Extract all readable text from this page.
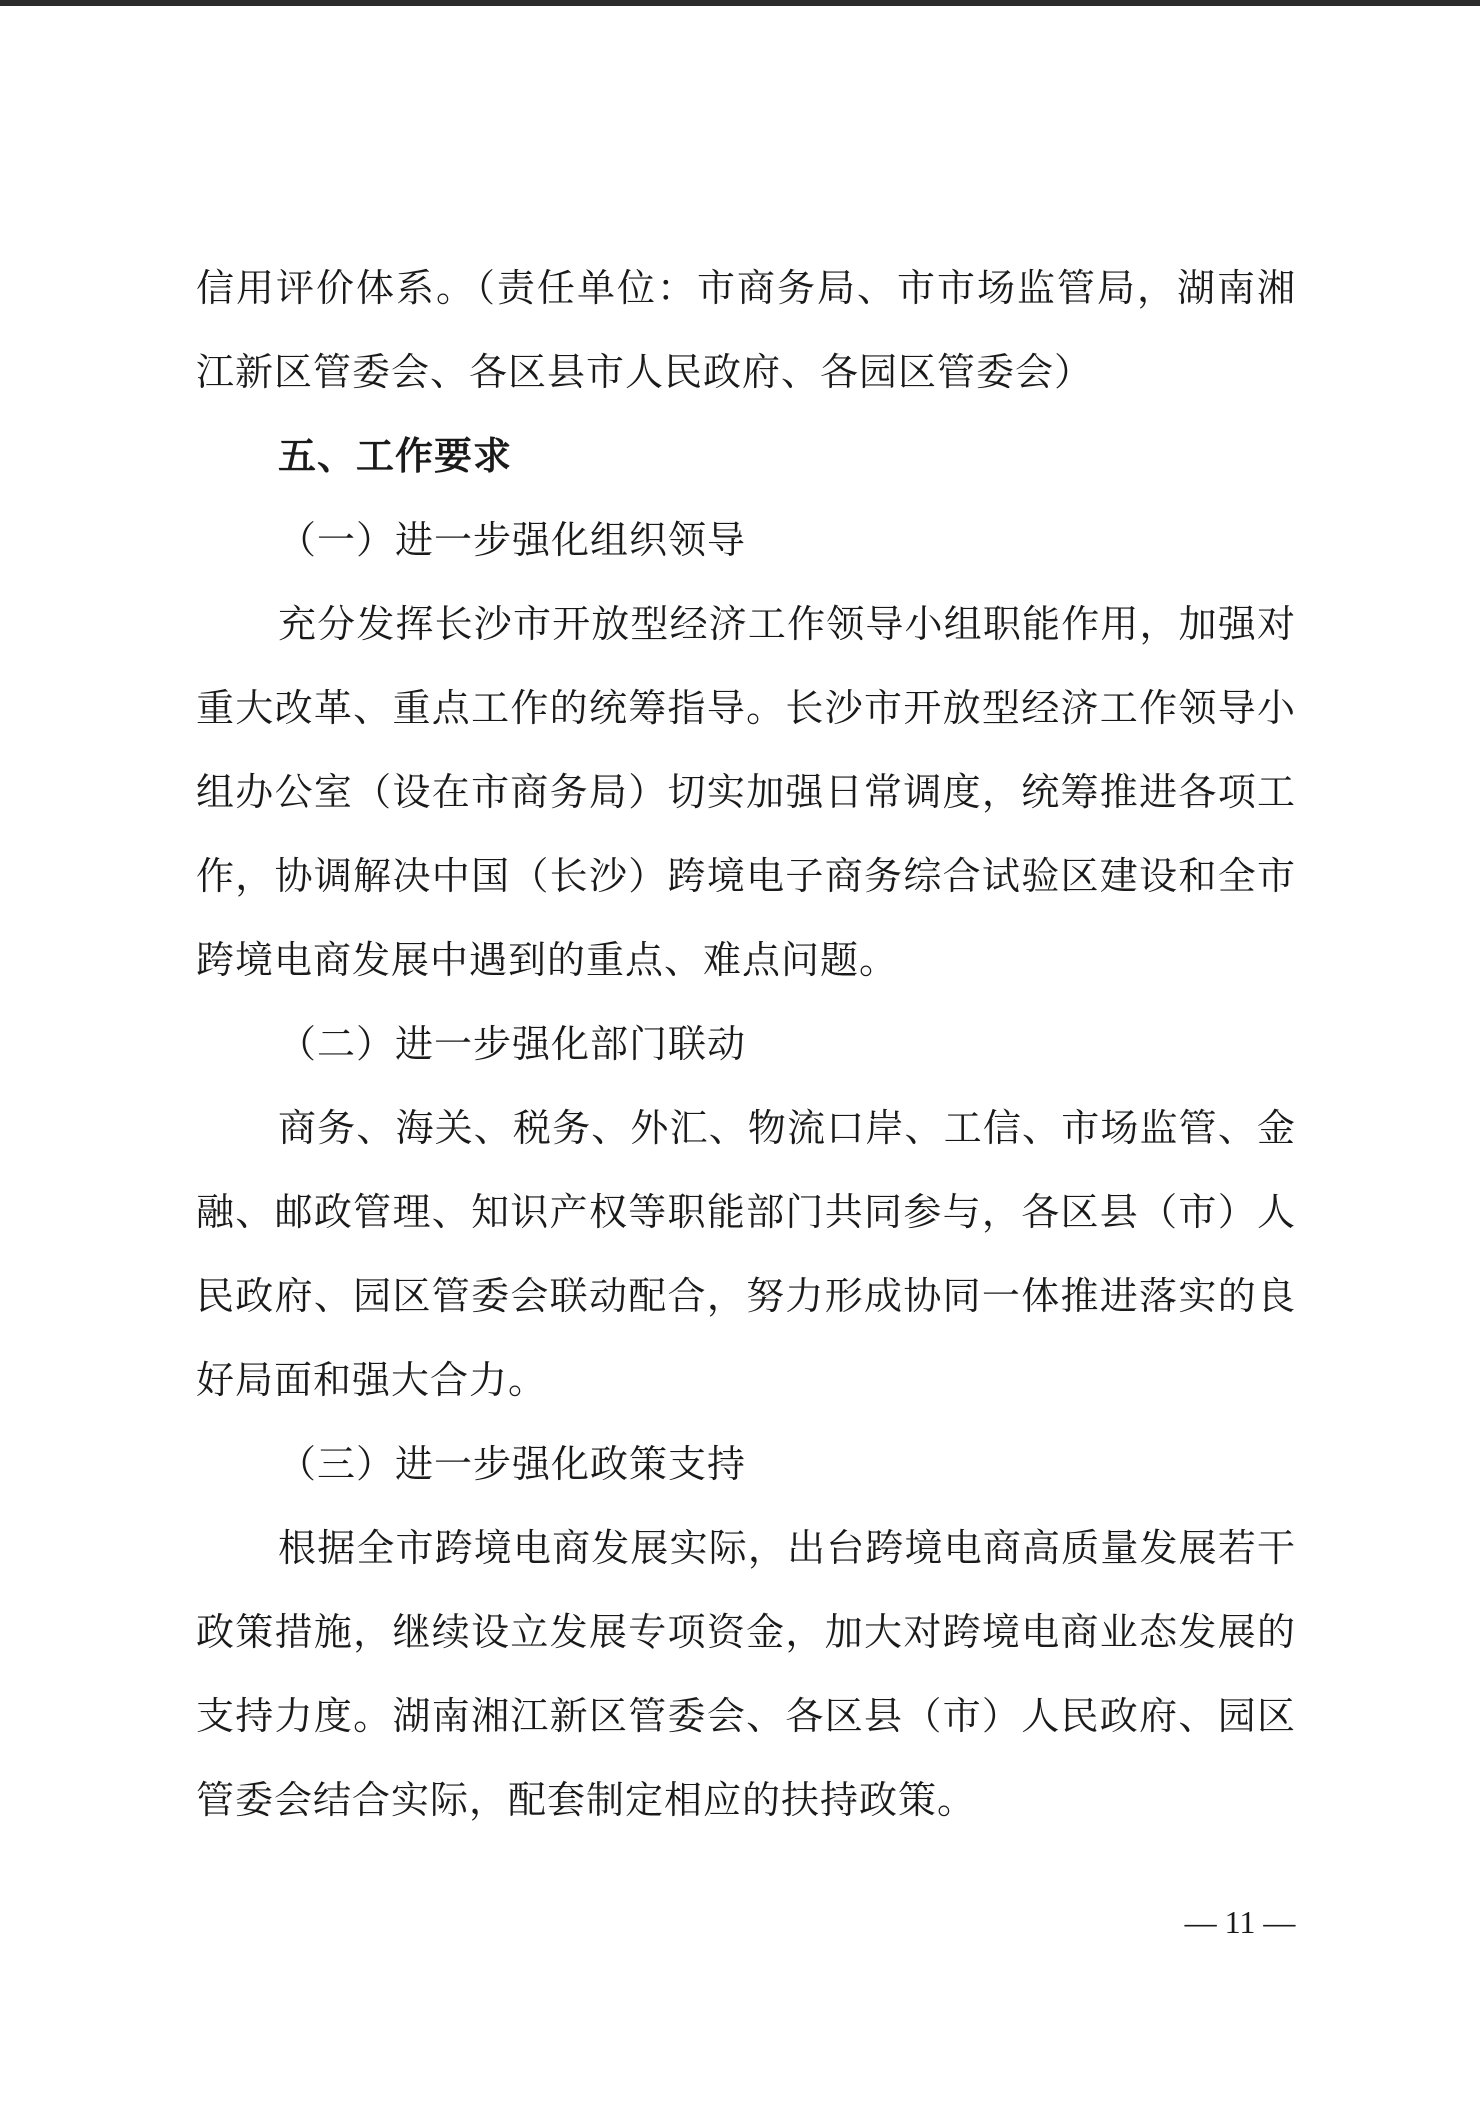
信用评价体系。（责任单位：市商务局、市市场监管局，湖南湘
江新区管委会、各区县市人民政府、各园区管委会）
五、工作要求
（一）进一步强化组织领导
充分发挥长沙市开放型经济工作领导小组职能作用，加强对
重大改革、重点工作的统筹指导。长沙市开放型经济工作领导小
组办公室（设在市商务局）切实加强日常调度，统筹推进各项工
作，协调解决中国（长沙）跨境电子商务综合试验区建设和全市
跨境电商发展中遇到的重点、难点问题。
（二）进一步强化部门联动
商务、海关、税务、外汇、物流口岸、工信、市场监管、金
融、邮政管理、知识产权等职能部门共同参与，各区县（市）人
民政府、园区管委会联动配合，努力形成协同一体推进落实的良
好局面和强大合力。
（三）进一步强化政策支持
根据全市跨境电商发展实际，出台跨境电商高质量发展若干
政策措施，继续设立发展专项资金，加大对跨境电商业态发展的
支持力度。湖南湘江新区管委会、各区县（市）人民政府、园区
管委会结合实际，配套制定相应的扶持政策。
— 11 —
